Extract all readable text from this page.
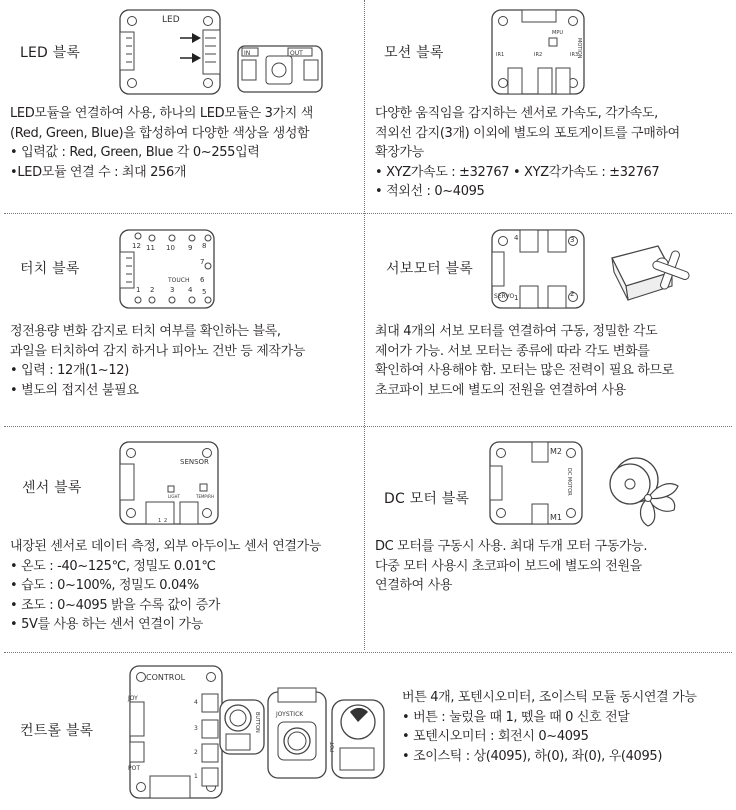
LED 블록
LED
IN	OUT
LED모듈을 연결하여 사용, 하나의 LED모듈은 3가지 색
(Red, Green, Blue)을 합성하여 다양한 색상을 생성함
• 입력값 : Red, Green, Blue 각 0~255입력
•LED모듈 연결 수 : 최대 256개
모션 블록
MPU
MOTION
IR1	IR2	IR3
다양한 움직임을 감지하는 센서로 가속도, 각가속도,
적외선 감지(3개) 이외에 별도의 포토게이트를 구매하여
확장가능
• XYZ가속도 : ±32767 • XYZ각가속도 : ±32767
• 적외선 : 0~4095
터치 블록
12 11 10 9 8
7
6
1 2 3 4 5
TOUCH
정전용량 변화 감지로 터치 여부를 확인하는 블록,
과일을 터치하여 감지 하거나 피아노 건반 등 제작가능
• 입력 : 12개(1~12)
• 별도의 접지선 불필요
서보모터 블록
4	3
1	2
SERVO
최대 4개의 서보 모터를 연결하여 구동, 정밀한 각도
제어가 가능. 서보 모터는 종류에 따라 각도 변화를
확인하여 사용해야 함. 모터는 많은 전력이 필요 하므로
초코파이 보드에 별도의 전원을 연결하여 사용
센서 블록
SENSOR
LIGHT	TEMP/RH
1 2
내장된 센서로 데이터 측정, 외부 아두이노 센서 연결가능
• 온도 : -40~125℃, 정밀도 0.01℃
• 습도 : 0~100%, 정밀도 0.04%
• 조도 : 0~4095 밝을 수록 값이 증가
• 5V를 사용 하는 센서 연결이 가능
DC 모터 블록
M2
M1
DC MOTOR
DC 모터를 구동시 사용. 최대 두개 모터 구동가능.
다중 모터 사용시 초코파이 보드에 별도의 전원을
연결하여 사용
컨트롤 블록
CONTROL
JOY
POT
4
3
2
1
BUTTON	JOYSTICK
POT
버튼 4개, 포텐시오미터, 조이스틱 모듈 동시연결 가능
• 버튼 : 눌렀을 때 1, 뗐을 때 0 신호 전달
• 포텐시오미터 : 회전시 0~4095
• 조이스틱 : 상(4095), 하(0), 좌(0), 우(4095)
